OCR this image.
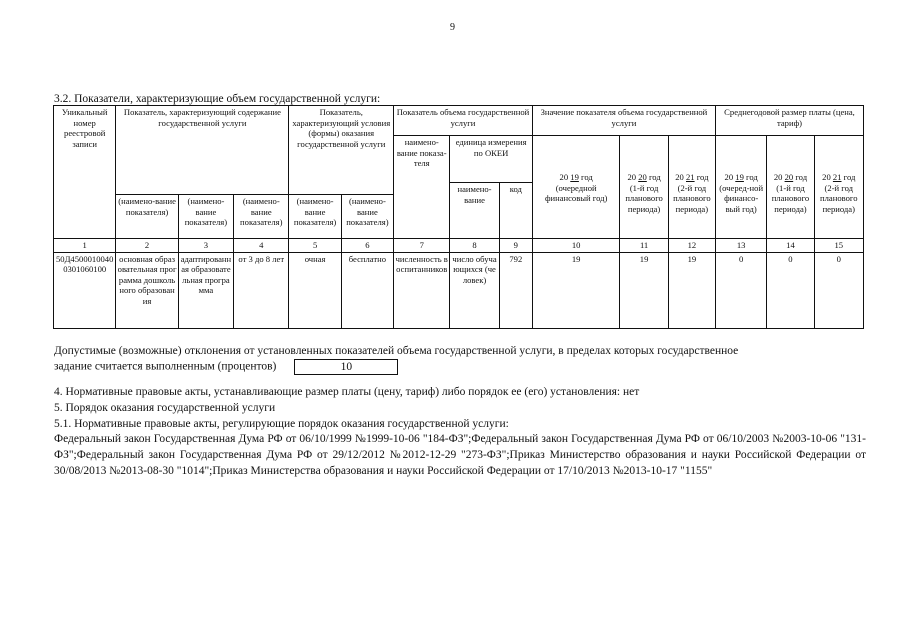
9
3.2. Показатели, характеризующие объем государственной услуги:
Уникальный номер реестровой записи	Показатель, характеризующий содержание государственной услуги			Показатель, характеризующий условия (формы) оказания государственной услуги		Показатель объема государственной услуги			Значение показателя объема государственной услуги			Среднегодовой размер платы (цена, тариф)		
						наимено-вание показа-теля	единица измерения по ОКЕИ		20 19 год
(очередной финансовый год)	20 20 год
(1-й год планового периода)	20 21 год
(2-й год планового периода)	20 19 год
(очеред-ной финансо-вый год)	20 20 год
(1-й год планового периода)	20 21 год
(2-й год планового периода)
							наимено-вание	код						
	(наимено-вание показателя)	(наимено-вание показателя)	(наимено-вание показателя)	(наимено-вание показателя)	(наимено-вание показателя)									
1	2	3	4	5	6	7	8	9	10	11	12	13	14	15
50Д45000100400301060100	основная образовательная программа дошкольного образования	адаптированная образовательная программа	от 3 до 8 лет	очная	бесплатно	численность воспитанников	число обучающихся (человек)	792	19	19	19	0	0	0
Допустимые (возможные) отклонения от установленных показателей объема государственной услуги, в пределах которых государственное
задание считается выполненным (процентов)	10

4. Нормативные правовые акты, устанавливающие размер платы (цену, тариф) либо порядок ее (его) установления: нет

5. Порядок оказания государственной услуги

5.1. Нормативные правовые акты, регулирующие порядок оказания государственной услуги:

Федеральный закон Государственная Дума РФ от 06/10/1999 №1999-10-06 "184-ФЗ";Федеральный закон Государственная Дума РФ от 06/10/2003 №2003-10-06 "131-ФЗ";Федеральный закон Государственная Дума РФ от 29/12/2012 №2012-12-29 "273-ФЗ";Приказ Министерство образования и науки Российской Федерации от 30/08/2013 №2013-08-30 "1014";Приказ Министерства образования и науки Российской Федерации от 17/10/2013 №2013-10-17 "1155"
